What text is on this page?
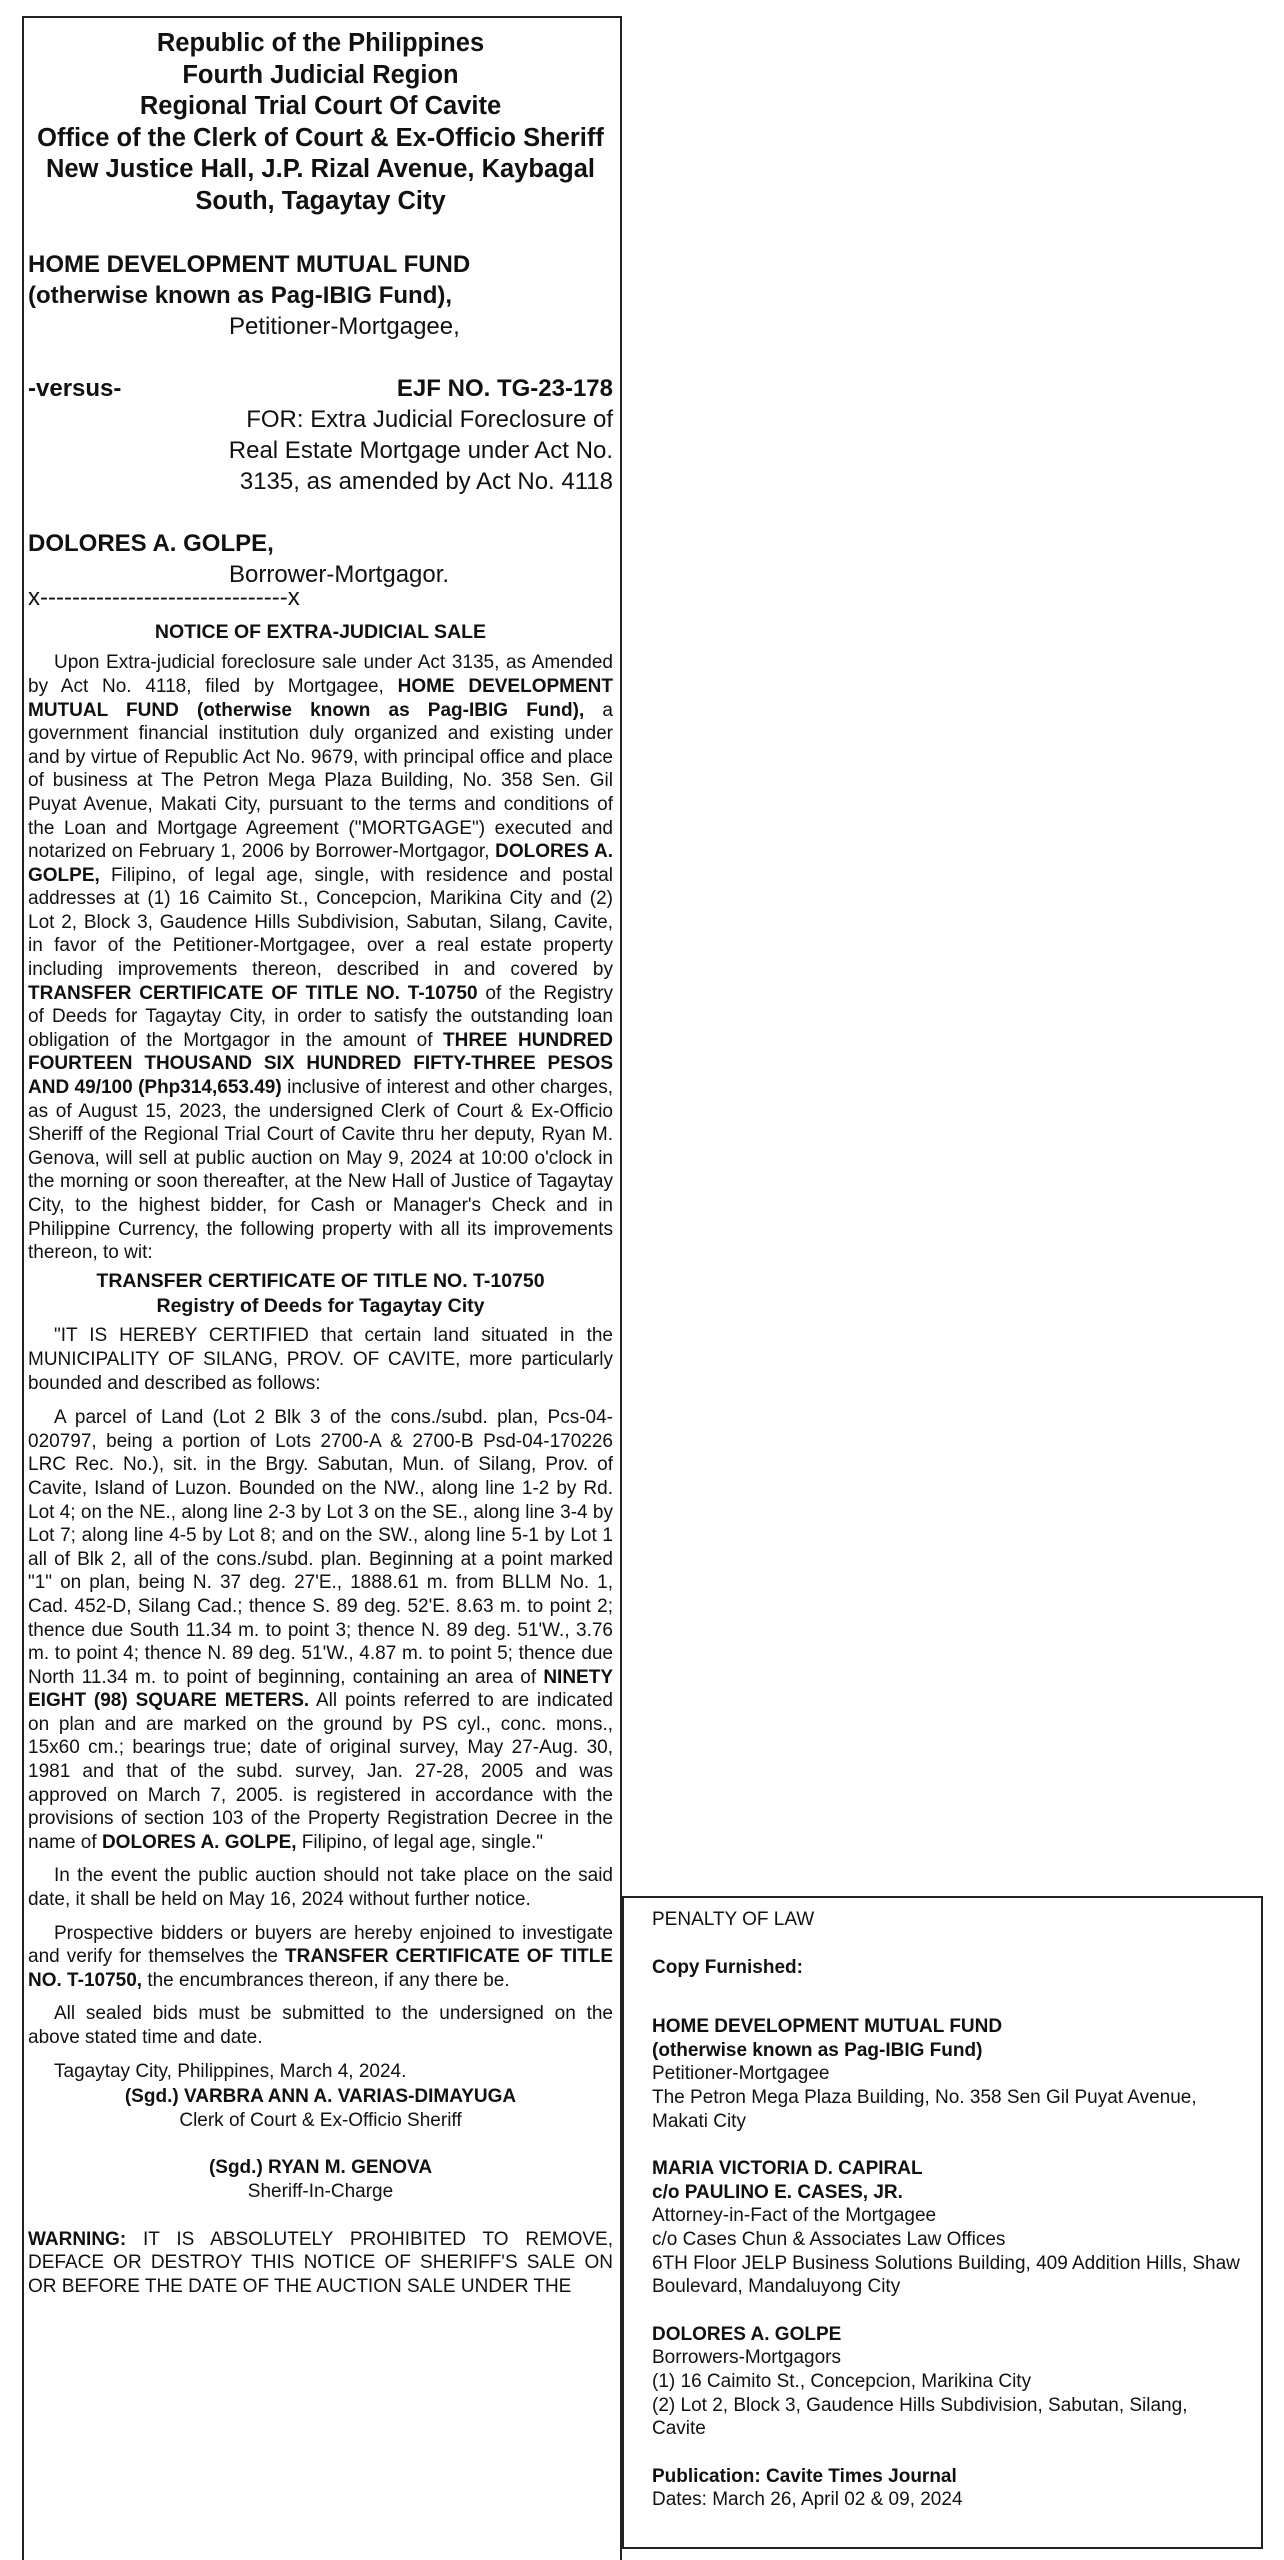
Republic of the Philippines
Fourth Judicial Region
Regional Trial Court Of Cavite
Office of the Clerk of Court & Ex-Officio Sheriff
New Justice Hall, J.P. Rizal Avenue, Kaybagal
South, Tagaytay City
HOME DEVELOPMENT MUTUAL FUND
(otherwise known as Pag-IBIG Fund),
Petitioner-Mortgagee,
-versus-	EJF NO. TG-23-178
FOR: Extra Judicial Foreclosure of
Real Estate Mortgage under Act No.
3135, as amended by Act No. 4118
DOLORES A. GOLPE,
Borrower-Mortgagor.
x-------------------------------x
NOTICE OF EXTRA-JUDICIAL SALE

Upon Extra-judicial foreclosure sale under Act 3135, as Amended by Act No. 4118, filed by Mortgagee, HOME DEVELOPMENT MUTUAL FUND (otherwise known as Pag-IBIG Fund), a government financial institution duly organized and existing under and by virtue of Republic Act No. 9679, with principal office and place of business at The Petron Mega Plaza Building, No. 358 Sen. Gil Puyat Avenue, Makati City, pursuant to the terms and conditions of the Loan and Mortgage Agreement ("MORTGAGE") executed and notarized on February 1, 2006 by Borrower-Mortgagor, DOLORES A. GOLPE, Filipino, of legal age, single, with residence and postal addresses at (1) 16 Caimito St., Concepcion, Marikina City and (2) Lot 2, Block 3, Gaudence Hills Subdivision, Sabutan, Silang, Cavite, in favor of the Petitioner-Mortgagee, over a real estate property including improvements thereon, described in and covered by TRANSFER CERTIFICATE OF TITLE NO. T-10750 of the Registry of Deeds for Tagaytay City, in order to satisfy the outstanding loan obligation of the Mortgagor in the amount of THREE HUNDRED FOURTEEN THOUSAND SIX HUNDRED FIFTY-THREE PESOS AND 49/100 (Php314,653.49) inclusive of interest and other charges, as of August 15, 2023, the undersigned Clerk of Court & Ex-Officio Sheriff of the Regional Trial Court of Cavite thru her deputy, Ryan M. Genova, will sell at public auction on May 9, 2024 at 10:00 o'clock in the morning or soon thereafter, at the New Hall of Justice of Tagaytay City, to the highest bidder, for Cash or Manager's Check and in Philippine Currency, the following property with all its improvements thereon, to wit:

TRANSFER CERTIFICATE OF TITLE NO. T-10750
Registry of Deeds for Tagaytay City

"IT IS HEREBY CERTIFIED that certain land situated in the MUNICIPALITY OF SILANG, PROV. OF CAVITE, more particularly bounded and described as follows:

A parcel of Land (Lot 2 Blk 3 of the cons./subd. plan, Pcs-04-020797, being a portion of Lots 2700-A & 2700-B Psd-04-170226 LRC Rec. No.), sit. in the Brgy. Sabutan, Mun. of Silang, Prov. of Cavite, Island of Luzon. Bounded on the NW., along line 1-2 by Rd. Lot 4; on the NE., along line 2-3 by Lot 3 on the SE., along line 3-4 by Lot 7; along line 4-5 by Lot 8; and on the SW., along line 5-1 by Lot 1 all of Blk 2, all of the cons./subd. plan. Beginning at a point marked "1" on plan, being N. 37 deg. 27'E., 1888.61 m. from BLLM No. 1, Cad. 452-D, Silang Cad.; thence S. 89 deg. 52'E. 8.63 m. to point 2; thence due South 11.34 m. to point 3; thence N. 89 deg. 51'W., 3.76 m. to point 4; thence N. 89 deg. 51'W., 4.87 m. to point 5; thence due North 11.34 m. to point of beginning, containing an area of NINETY EIGHT (98) SQUARE METERS. All points referred to are indicated on plan and are marked on the ground by PS cyl., conc. mons., 15x60 cm.; bearings true; date of original survey, May 27-Aug. 30, 1981 and that of the subd. survey, Jan. 27-28, 2005 and was approved on March 7, 2005. is registered in accordance with the provisions of section 103 of the Property Registration Decree in the name of DOLORES A. GOLPE, Filipino, of legal age, single."

In the event the public auction should not take place on the said date, it shall be held on May 16, 2024 without further notice.

Prospective bidders or buyers are hereby enjoined to investigate and verify for themselves the TRANSFER CERTIFICATE OF TITLE NO. T-10750, the encumbrances thereon, if any there be.

All sealed bids must be submitted to the undersigned on the above stated time and date.

Tagaytay City, Philippines, March 4, 2024.

(Sgd.) VARBRA ANN A. VARIAS-DIMAYUGA
Clerk of Court & Ex-Officio Sheriff
(Sgd.) RYAN M. GENOVA
Sheriff-In-Charge

WARNING: IT IS ABSOLUTELY PROHIBITED TO REMOVE, DEFACE OR DESTROY THIS NOTICE OF SHERIFF'S SALE ON OR BEFORE THE DATE OF THE AUCTION SALE UNDER THE

PENALTY OF LAW
Copy Furnished:
HOME DEVELOPMENT MUTUAL FUND
(otherwise known as Pag-IBIG Fund)
Petitioner-Mortgagee
The Petron Mega Plaza Building, No. 358 Sen Gil Puyat Avenue, Makati City
MARIA VICTORIA D. CAPIRAL
c/o PAULINO E. CASES, JR.
Attorney-in-Fact of the Mortgagee
c/o Cases Chun & Associates Law Offices
6TH Floor JELP Business Solutions Building, 409 Addition Hills, Shaw Boulevard, Mandaluyong City
DOLORES A. GOLPE
Borrowers-Mortgagors
(1) 16 Caimito St., Concepcion, Marikina City
(2) Lot 2, Block 3, Gaudence Hills Subdivision, Sabutan, Silang, Cavite
Publication: Cavite Times Journal
Dates: March 26, April 02 & 09, 2024
